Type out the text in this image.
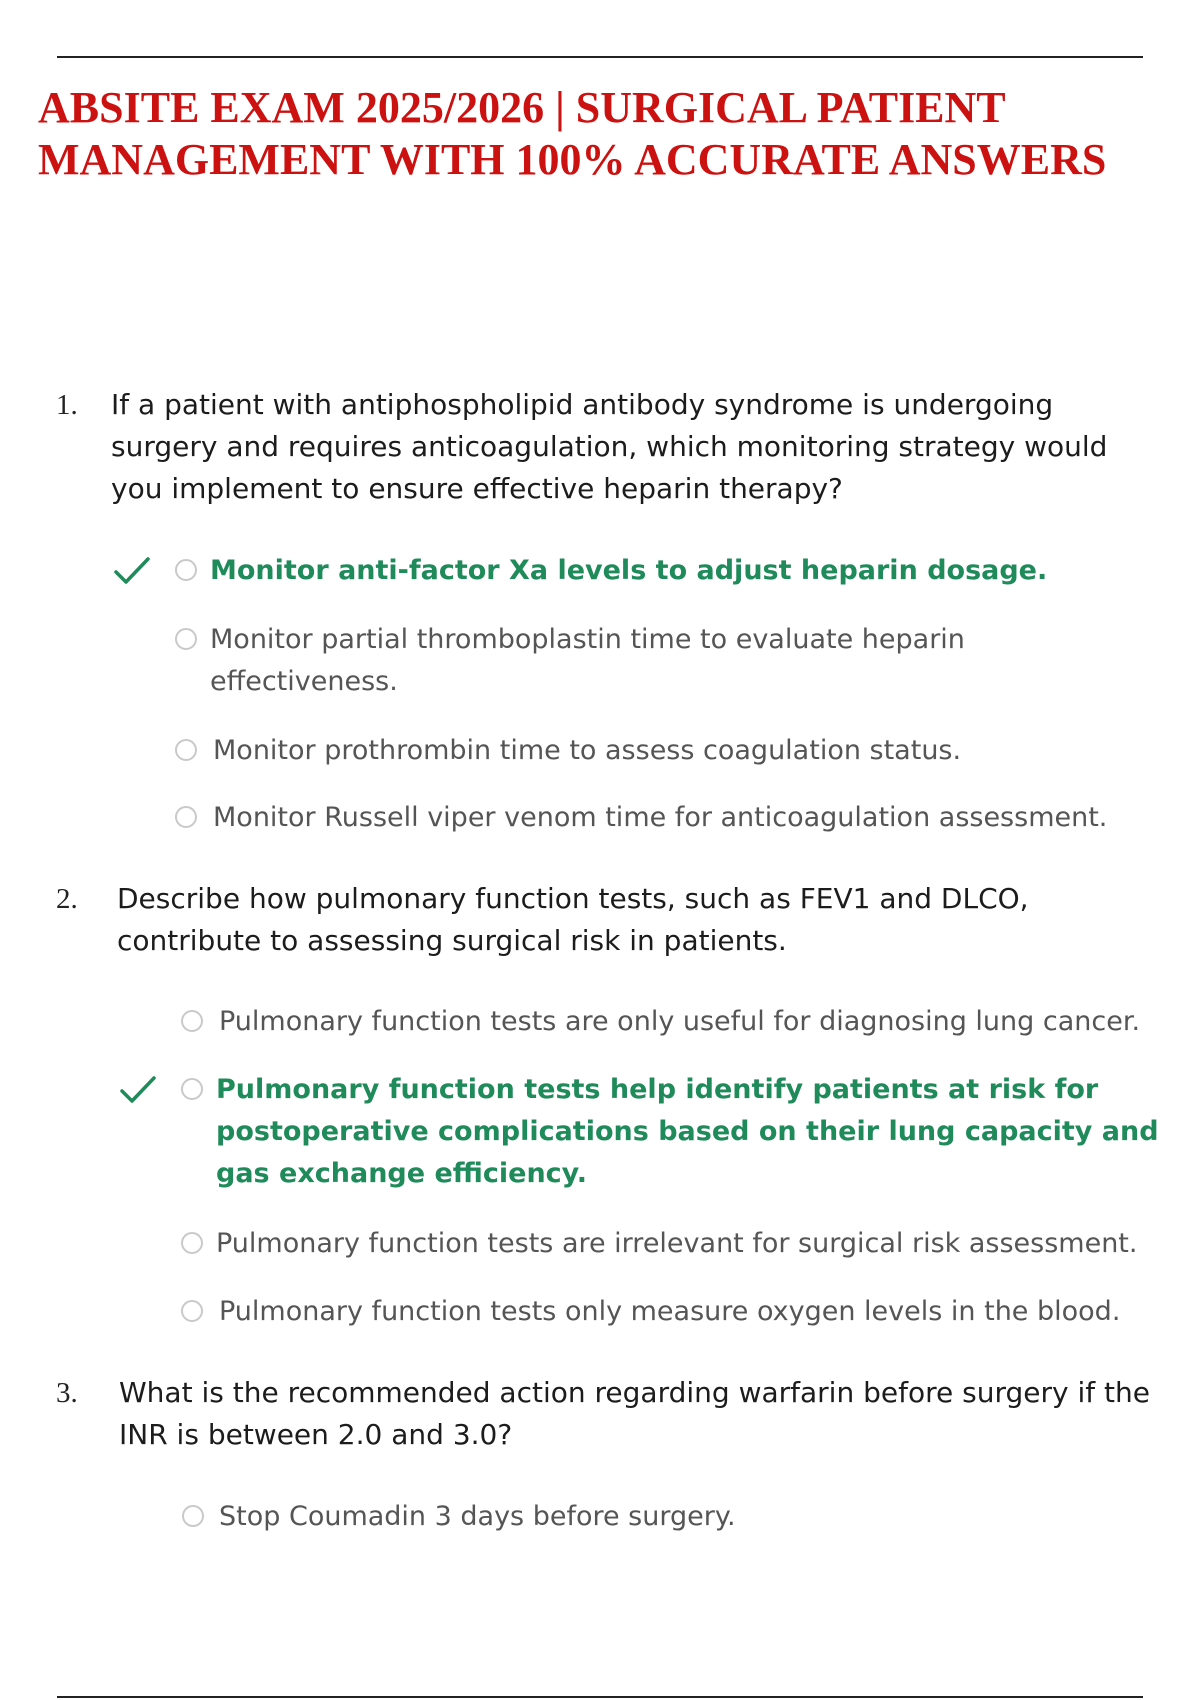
ABSITE EXAM 2025/2026 | SURGICAL PATIENT MANAGEMENT WITH 100% ACCURATE ANSWERS
1. If a patient with antiphospholipid antibody syndrome is undergoing surgery and requires anticoagulation, which monitoring strategy would you implement to ensure effective heparin therapy?

Monitor anti-factor Xa levels to adjust heparin dosage.

Monitor partial thromboplastin time to evaluate heparin effectiveness.

Monitor prothrombin time to assess coagulation status.

Monitor Russell viper venom time for anticoagulation assessment.

2. Describe how pulmonary function tests, such as FEV1 and DLCO, contribute to assessing surgical risk in patients.

Pulmonary function tests are only useful for diagnosing lung cancer.

Pulmonary function tests help identify patients at risk for postoperative complications based on their lung capacity and gas exchange efficiency.

Pulmonary function tests are irrelevant for surgical risk assessment.

Pulmonary function tests only measure oxygen levels in the blood.

3. What is the recommended action regarding warfarin before surgery if the INR is between 2.0 and 3.0?

Stop Coumadin 3 days before surgery.
